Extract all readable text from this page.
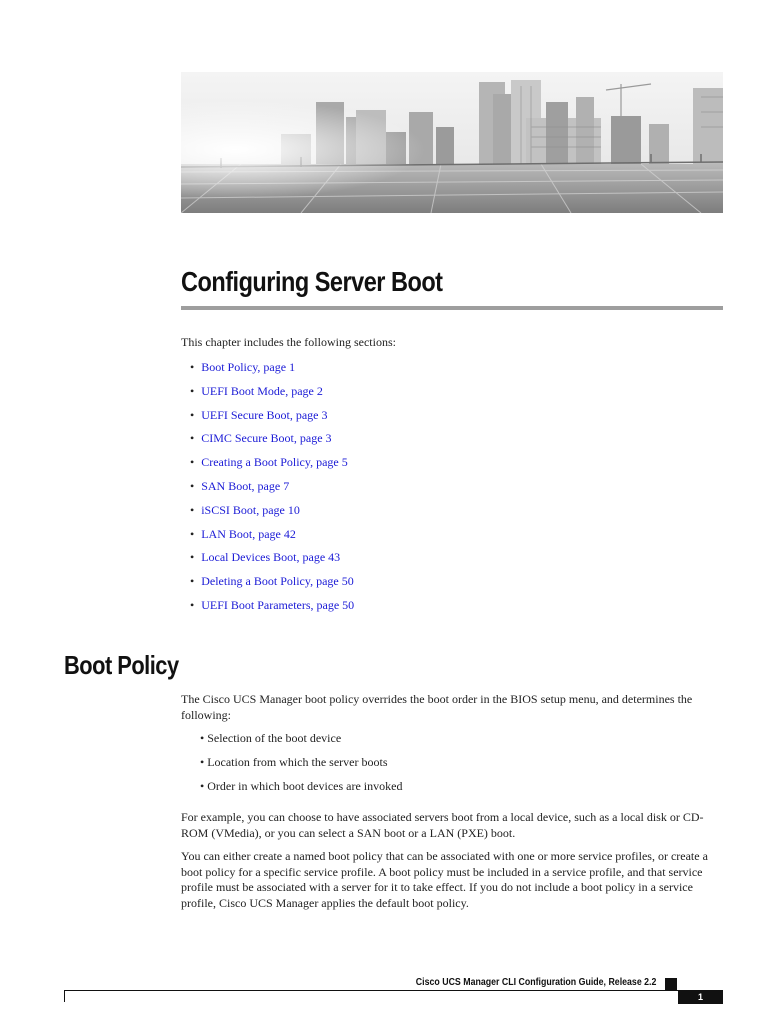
Configuring Server Boot

This chapter includes the following sections:

• Boot Policy, page 1
• UEFI Boot Mode, page 2
• UEFI Secure Boot, page 3
• CIMC Secure Boot, page 3
• Creating a Boot Policy, page 5
• SAN Boot, page 7
• iSCSI Boot, page 10
• LAN Boot, page 42
• Local Devices Boot, page 43
• Deleting a Boot Policy, page 50
• UEFI Boot Parameters, page 50
Boot Policy

The Cisco UCS Manager boot policy overrides the boot order in the BIOS setup menu, and determines the following:

• Selection of the boot device
• Location from which the server boots
• Order in which boot devices are invoked

For example, you can choose to have associated servers boot from a local device, such as a local disk or CD-ROM (VMedia), or you can select a SAN boot or a LAN (PXE) boot.

You can either create a named boot policy that can be associated with one or more service profiles, or create a boot policy for a specific service profile. A boot policy must be included in a service profile, and that service profile must be associated with a server for it to take effect. If you do not include a boot policy in a service profile, Cisco UCS Manager applies the default boot policy.

Cisco UCS Manager CLI Configuration Guide, Release 2.2
1
